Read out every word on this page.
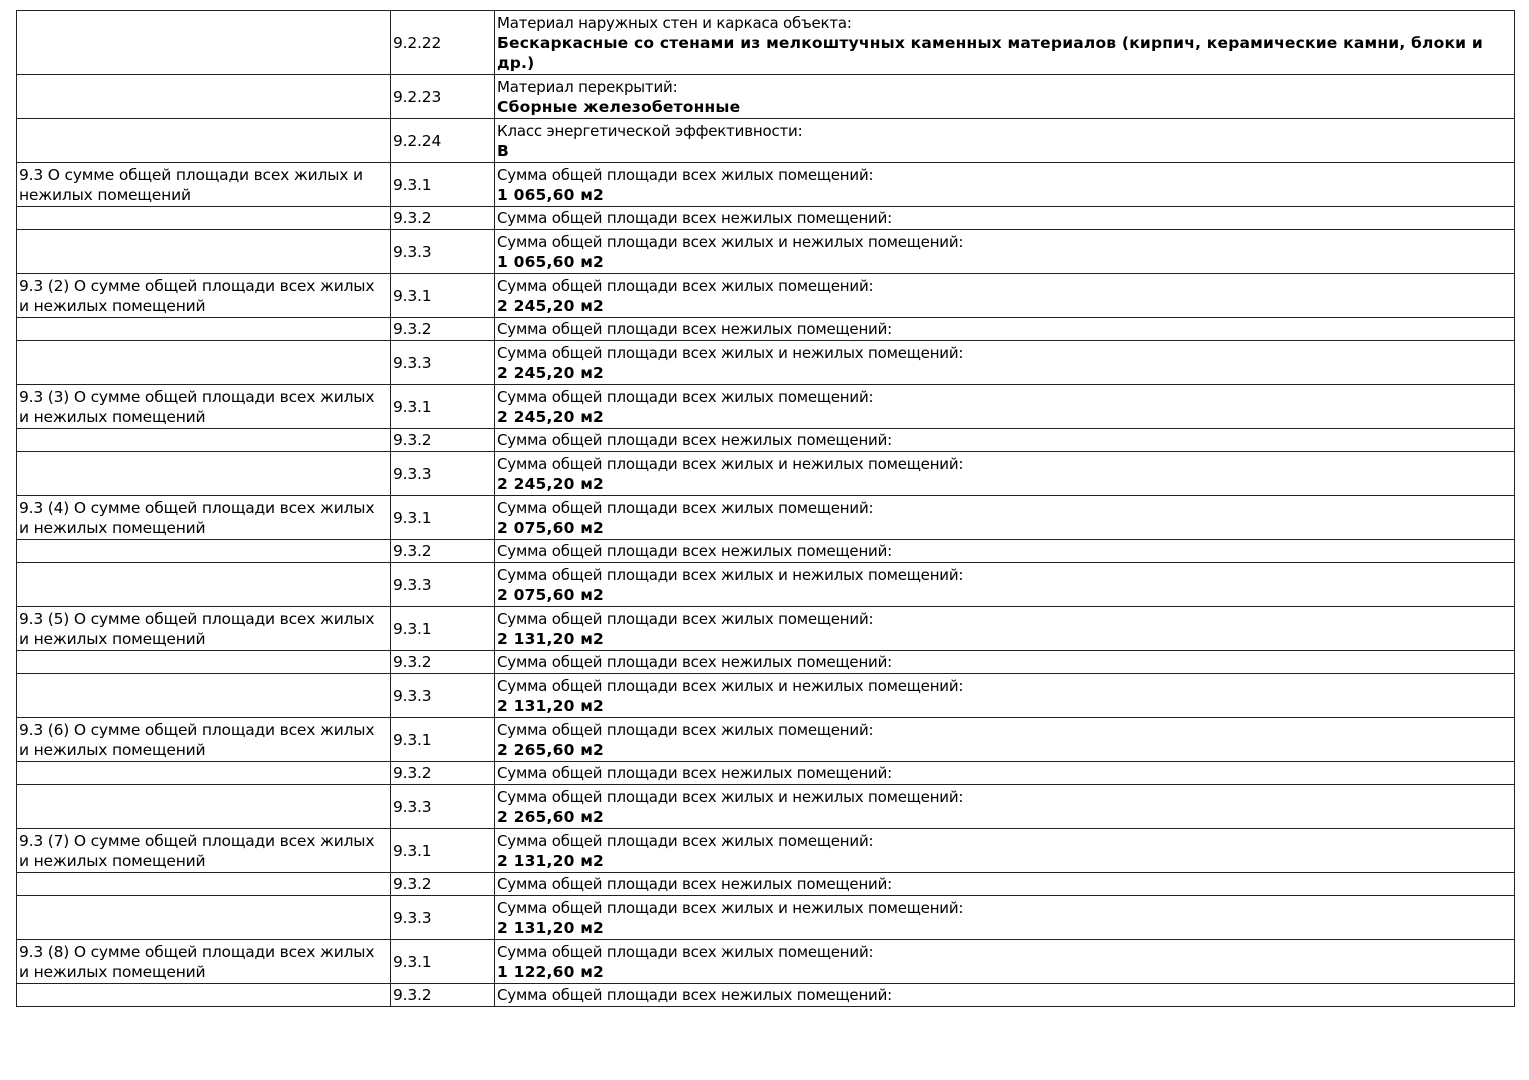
	9.2.22	Материал наружных стен и каркаса объекта:
Бескаркасные со стенами из мелкоштучных каменных материалов (кирпич, керамические камни, блоки и др.)

	9.2.23	Материал перекрытий:
Сборные железобетонные

	9.2.24	Класс энергетической эффективности:
B

9.3 О сумме общей площади всех жилых и нежилых помещений	9.3.1	Сумма общей площади всех жилых помещений:
1 065,60 м2

	9.3.2	Сумма общей площади всех нежилых помещений:

	9.3.3	Сумма общей площади всех жилых и нежилых помещений:
1 065,60 м2

9.3 (2) О сумме общей площади всех жилых и нежилых помещений	9.3.1	Сумма общей площади всех жилых помещений:
2 245,20 м2

	9.3.2	Сумма общей площади всех нежилых помещений:

	9.3.3	Сумма общей площади всех жилых и нежилых помещений:
2 245,20 м2

9.3 (3) О сумме общей площади всех жилых и нежилых помещений	9.3.1	Сумма общей площади всех жилых помещений:
2 245,20 м2

	9.3.2	Сумма общей площади всех нежилых помещений:

	9.3.3	Сумма общей площади всех жилых и нежилых помещений:
2 245,20 м2

9.3 (4) О сумме общей площади всех жилых и нежилых помещений	9.3.1	Сумма общей площади всех жилых помещений:
2 075,60 м2

	9.3.2	Сумма общей площади всех нежилых помещений:

	9.3.3	Сумма общей площади всех жилых и нежилых помещений:
2 075,60 м2

9.3 (5) О сумме общей площади всех жилых и нежилых помещений	9.3.1	Сумма общей площади всех жилых помещений:
2 131,20 м2

	9.3.2	Сумма общей площади всех нежилых помещений:

	9.3.3	Сумма общей площади всех жилых и нежилых помещений:
2 131,20 м2

9.3 (6) О сумме общей площади всех жилых и нежилых помещений	9.3.1	Сумма общей площади всех жилых помещений:
2 265,60 м2

	9.3.2	Сумма общей площади всех нежилых помещений:

	9.3.3	Сумма общей площади всех жилых и нежилых помещений:
2 265,60 м2

9.3 (7) О сумме общей площади всех жилых и нежилых помещений	9.3.1	Сумма общей площади всех жилых помещений:
2 131,20 м2

	9.3.2	Сумма общей площади всех нежилых помещений:

	9.3.3	Сумма общей площади всех жилых и нежилых помещений:
2 131,20 м2

9.3 (8) О сумме общей площади всех жилых и нежилых помещений	9.3.1	Сумма общей площади всех жилых помещений:
1 122,60 м2

	9.3.2	Сумма общей площади всех нежилых помещений:
